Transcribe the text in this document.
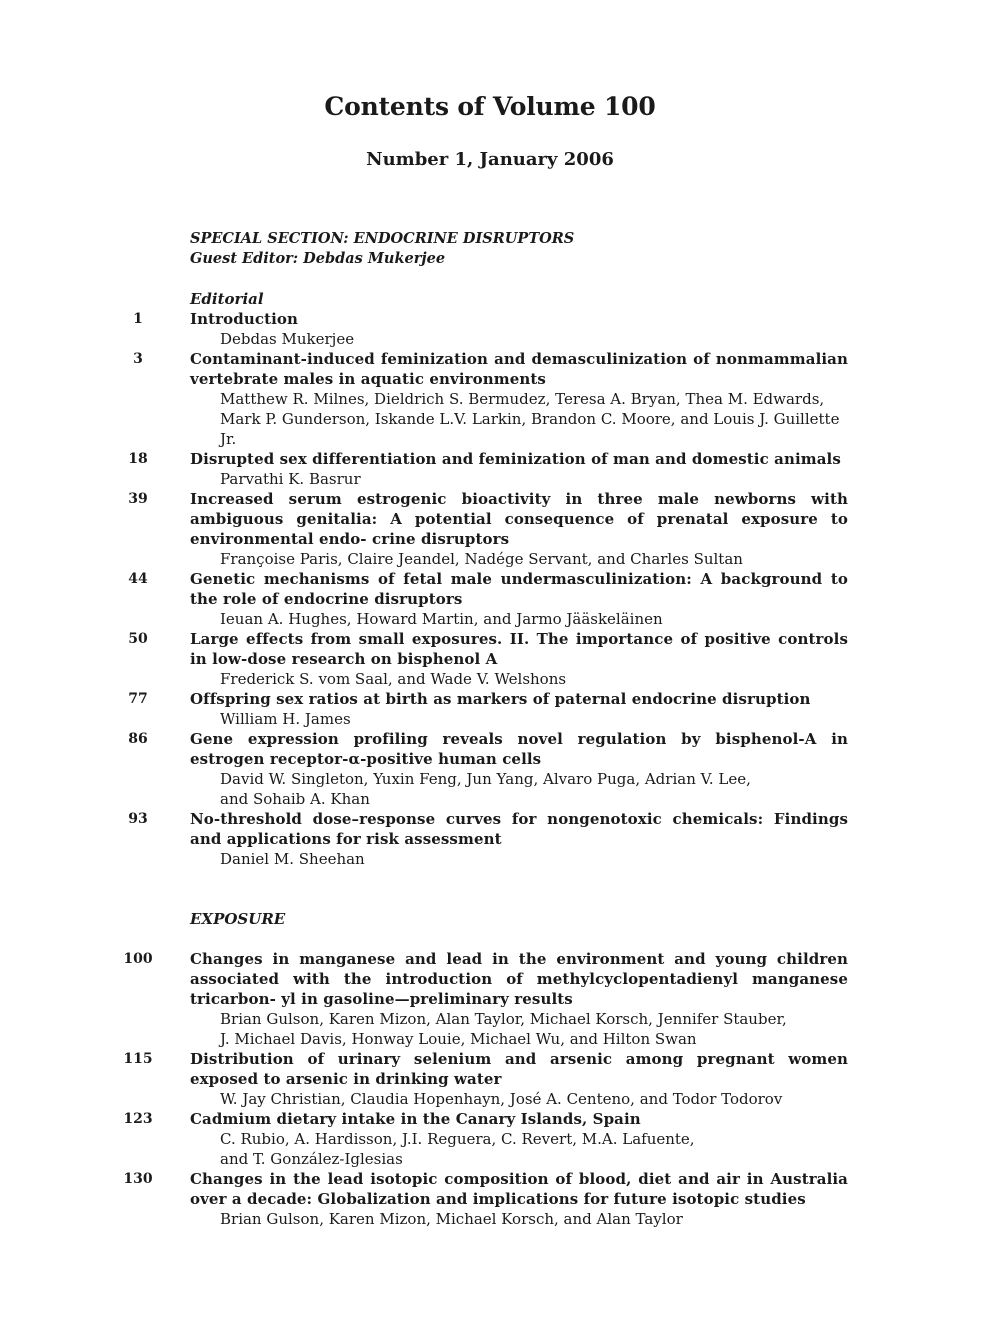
Contents of Volume 100
Number 1, January 2006
SPECIAL SECTION: ENDOCRINE DISRUPTORS
Guest Editor: Debdas Mukerjee
Editorial
1	Introduction
Debdas Mukerjee
3	Contaminant-induced feminization and demasculinization of nonmammalian vertebrate males in aquatic environments
Matthew R. Milnes, Dieldrich S. Bermudez, Teresa A. Bryan, Thea M. Edwards,
Mark P. Gunderson, Iskande L.V. Larkin, Brandon C. Moore, and Louis J. Guillette Jr.
18	Disrupted sex differentiation and feminization of man and domestic animals
Parvathi K. Basrur
39	Increased serum estrogenic bioactivity in three male newborns with ambiguous genitalia: A potential consequence of prenatal exposure to environmental endo- crine disruptors
Françoise Paris, Claire Jeandel, Nadége Servant, and Charles Sultan
44	Genetic mechanisms of fetal male undermasculinization: A background to the role of endocrine disruptors
Ieuan A. Hughes, Howard Martin, and Jarmo Jääskeläinen
50	Large effects from small exposures. II. The importance of positive controls in low-dose research on bisphenol A
Frederick S. vom Saal, and Wade V. Welshons
77	Offspring sex ratios at birth as markers of paternal endocrine disruption
William H. James
86	Gene expression profiling reveals novel regulation by bisphenol-A in estrogen receptor-α-positive human cells
David W. Singleton, Yuxin Feng, Jun Yang, Alvaro Puga, Adrian V. Lee,
and Sohaib A. Khan
93	No-threshold dose–response curves for nongenotoxic chemicals: Findings and applications for risk assessment
Daniel M. Sheehan
EXPOSURE
100 Changes in manganese and lead in the environment and young children associated with the introduction of methylcyclopentadienyl manganese tricarbon- yl in gasoline—preliminary results
Brian Gulson, Karen Mizon, Alan Taylor, Michael Korsch, Jennifer Stauber,
J. Michael Davis, Honway Louie, Michael Wu, and Hilton Swan
115 Distribution of urinary selenium and arsenic among pregnant women exposed to arsenic in drinking water
W. Jay Christian, Claudia Hopenhayn, José A. Centeno, and Todor Todorov
123 Cadmium dietary intake in the Canary Islands, Spain
C. Rubio, A. Hardisson, J.I. Reguera, C. Revert, M.A. Lafuente,
and T. González-Iglesias
130 Changes in the lead isotopic composition of blood, diet and air in Australia over a decade: Globalization and implications for future isotopic studies
Brian Gulson, Karen Mizon, Michael Korsch, and Alan Taylor
